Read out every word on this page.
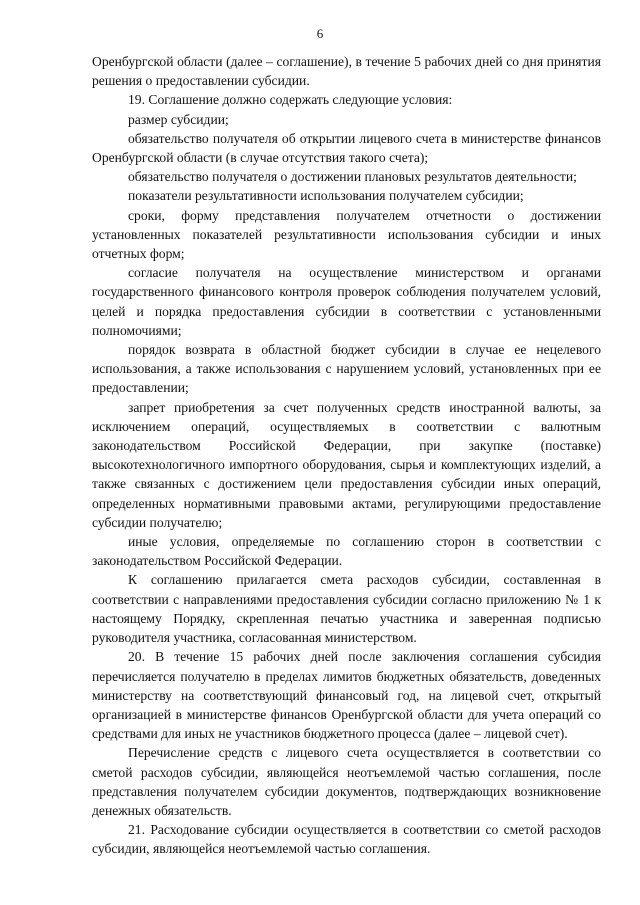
6

Оренбургской области (далее – соглашение), в течение 5 рабочих дней со дня принятия решения о предоставлении субсидии.

19. Соглашение должно содержать следующие условия:

размер субсидии;

обязательство получателя об открытии лицевого счета в министерстве финансов Оренбургской области (в случае отсутствия такого счета);

обязательство получателя о достижении плановых результатов деятельности;

показатели результативности использования получателем субсидии;

сроки, форму представления получателем отчетности о достижении установленных показателей результативности использования субсидии и иных отчетных форм;

согласие получателя на осуществление министерством и органами государственного финансового контроля проверок соблюдения получателем условий, целей и порядка предоставления субсидии в соответствии с установленными полномочиями;

порядок возврата в областной бюджет субсидии в случае ее нецелевого использования, а также использования с нарушением условий, установленных при ее предоставлении;

запрет приобретения за счет полученных средств иностранной валюты, за исключением операций, осуществляемых в соответствии с валютным законодательством Российской Федерации, при закупке (поставке) высокотехнологичного импортного оборудования, сырья и комплектующих изделий, а также связанных с достижением цели предоставления субсидии иных операций, определенных нормативными правовыми актами, регулирующими предоставление субсидии получателю;

иные условия, определяемые по соглашению сторон в соответствии с законодательством Российской Федерации.

К соглашению прилагается смета расходов субсидии, составленная в соответствии с направлениями предоставления субсидии согласно приложению № 1 к настоящему Порядку, скрепленная печатью участника и заверенная подписью руководителя участника, согласованная министерством.

20. В течение 15 рабочих дней после заключения соглашения субсидия перечисляется получателю в пределах лимитов бюджетных обязательств, доведенных министерству на соответствующий финансовый год, на лицевой счет, открытый организацией в министерстве финансов Оренбургской области для учета операций со средствами для иных не участников бюджетного процесса (далее – лицевой счет).

Перечисление средств с лицевого счета осуществляется в соответствии со сметой расходов субсидии, являющейся неотъемлемой частью соглашения, после представления получателем субсидии документов, подтверждающих возникновение денежных обязательств.

21. Расходование субсидии осуществляется в соответствии со сметой расходов субсидии, являющейся неотъемлемой частью соглашения.
